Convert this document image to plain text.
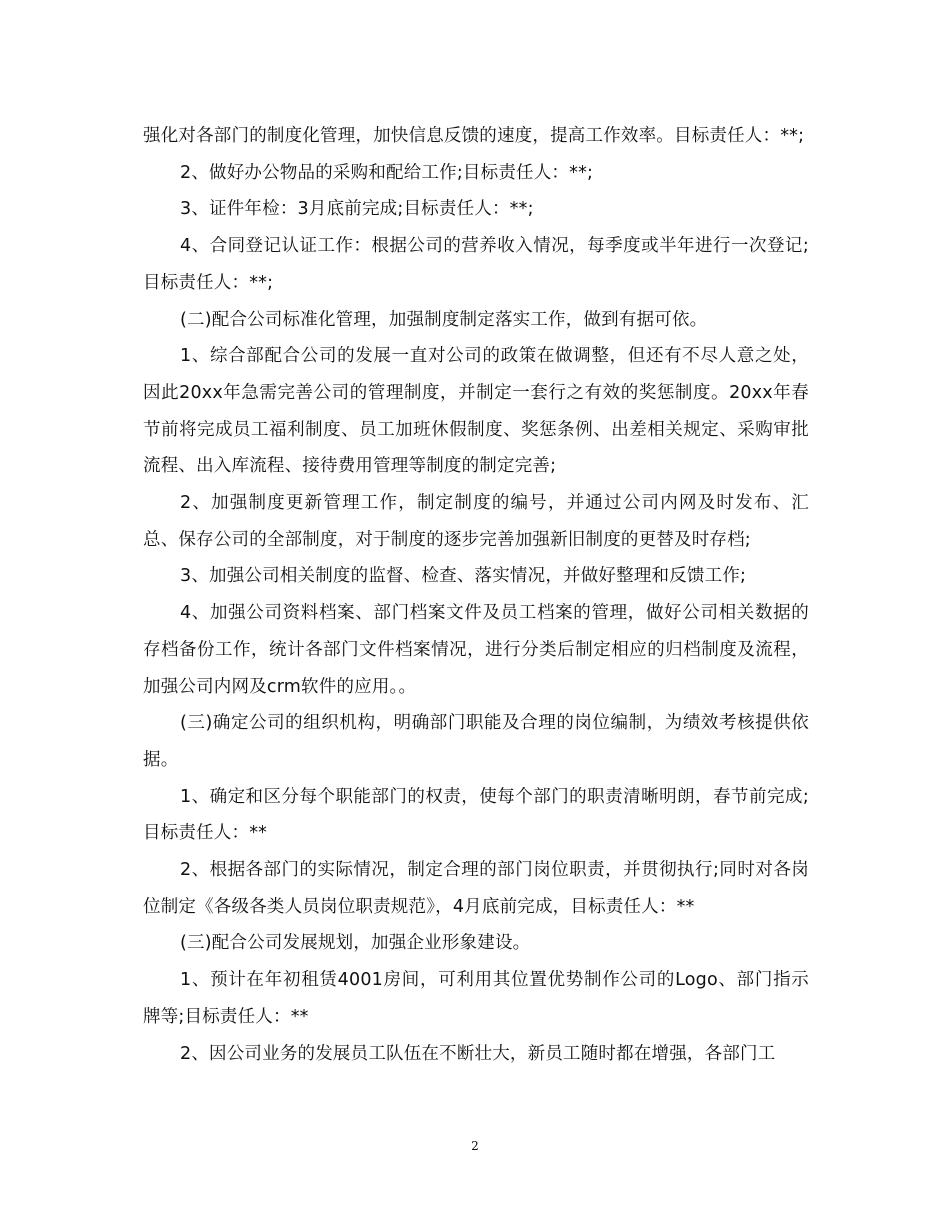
强化对各部门的制度化管理，加快信息反馈的速度，提高工作效率。目标责任人：**;

2、做好办公物品的采购和配给工作;目标责任人：**;

3、证件年检：3月底前完成;目标责任人：**;

4、合同登记认证工作：根据公司的营养收入情况，每季度或半年进行一次登记;目标责任人：**;

(二)配合公司标准化管理，加强制度制定落实工作，做到有据可依。

1、综合部配合公司的发展一直对公司的政策在做调整，但还有不尽人意之处，因此20xx年急需完善公司的管理制度，并制定一套行之有效的奖惩制度。20xx年春节前将完成员工福利制度、员工加班休假制度、奖惩条例、出差相关规定、采购审批流程、出入库流程、接待费用管理等制度的制定完善;

2、加强制度更新管理工作，制定制度的编号，并通过公司内网及时发布、汇总、保存公司的全部制度，对于制度的逐步完善加强新旧制度的更替及时存档;

3、加强公司相关制度的监督、检查、落实情况，并做好整理和反馈工作;

4、加强公司资料档案、部门档案文件及员工档案的管理，做好公司相关数据的存档备份工作，统计各部门文件档案情况，进行分类后制定相应的归档制度及流程，加强公司内网及crm软件的应用。。

(三)确定公司的组织机构，明确部门职能及合理的岗位编制，为绩效考核提供依据。

1、确定和区分每个职能部门的权责，使每个部门的职责清晰明朗，春节前完成;目标责任人：**

2、根据各部门的实际情况，制定合理的部门岗位职责，并贯彻执行;同时对各岗位制定《各级各类人员岗位职责规范》，4月底前完成，目标责任人：**

(三)配合公司发展规划，加强企业形象建设。

1、预计在年初租赁4001房间，可利用其位置优势制作公司的Logo、部门指示牌等;目标责任人：**

2、因公司业务的发展员工队伍在不断壮大，新员工随时都在增强，各部门工

2
